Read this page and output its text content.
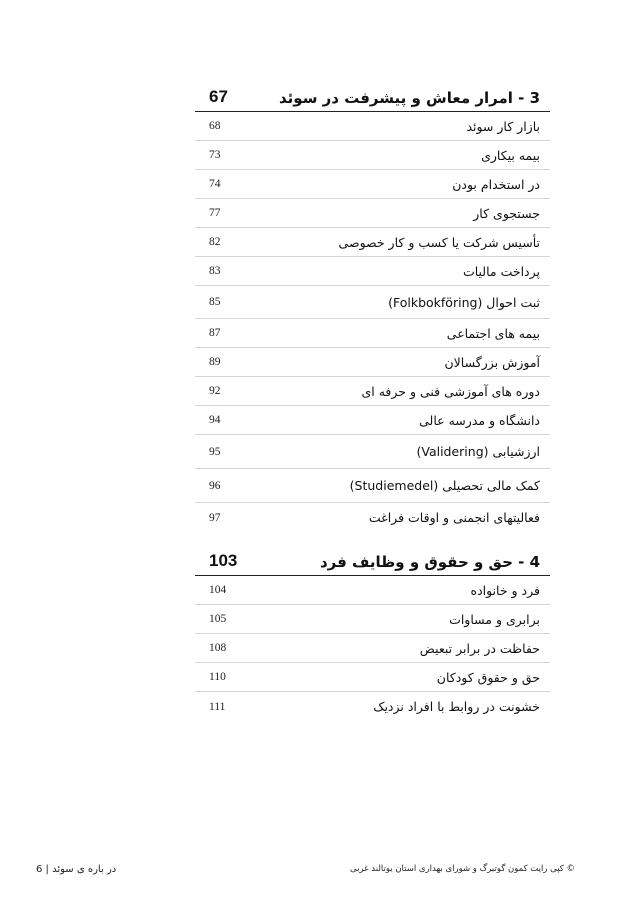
67	3 - امرار معاش و پیشرفت در سوئد
68	بازار کار سوئد
73	بیمه بیکاری
74	در استخدام بودن
77	جستجوی کار
82	تأسیس شرکت یا کسب و کار خصوصی
83	پرداخت مالیات
85	ثبت احوال (Folkbokföring)
87	بیمه های اجتماعی
89	آموزش بزرگسالان
92	دوره های آموزشی فنی و حرفه ای
94	دانشگاه و مدرسه عالی
95	ارزشیابی (Validering)
96	کمک مالی تحصیلی (Studiemedel)
97	فعالیتهای انجمنی و اوقات فراغت
103	4 - حق و حقوق و وظایف فرد
104	فرد و خانواده
105	برابری و مساوات
108	حفاظت در برابر تبعیض
110	حق و حقوق کودکان
111	خشونت در روابط با افراد نزدیک
در باره ی سوئد | 6	© کپی رایت کمون گوتبرگ و شورای بهداری استان یوتالند غربی
